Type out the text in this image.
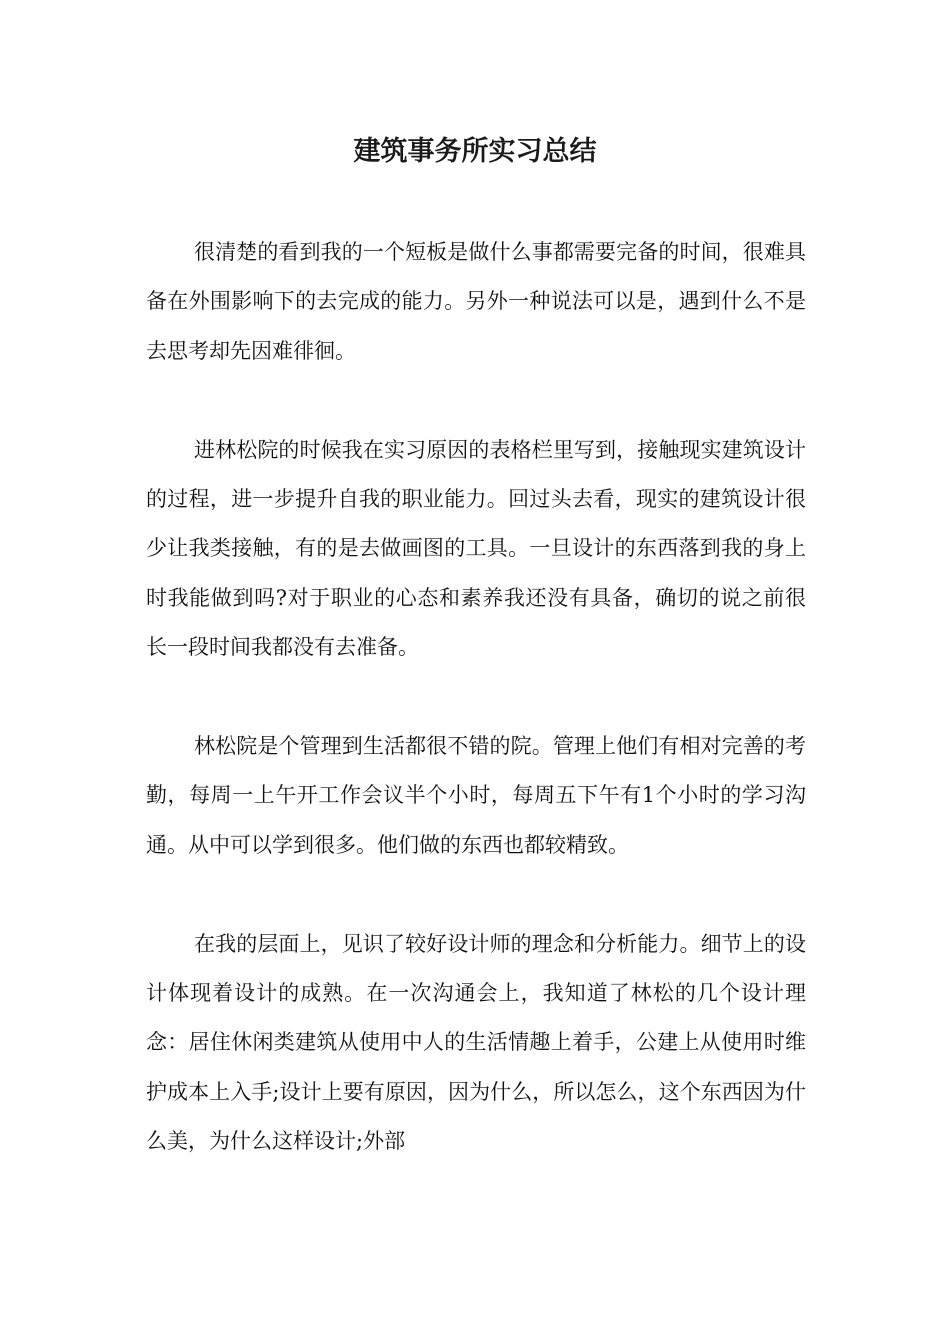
建筑事务所实习总结

很清楚的看到我的一个短板是做什么事都需要完备的时间，很难具备在外围影响下的去完成的能力。另外一种说法可以是，遇到什么不是去思考却先因难徘徊。

进林松院的时候我在实习原因的表格栏里写到，接触现实建筑设计的过程，进一步提升自我的职业能力。回过头去看，现实的建筑设计很少让我类接触，有的是去做画图的工具。一旦设计的东西落到我的身上时我能做到吗?对于职业的心态和素养我还没有具备，确切的说之前很长一段时间我都没有去准备。

林松院是个管理到生活都很不错的院。管理上他们有相对完善的考勤，每周一上午开工作会议半个小时，每周五下午有1个小时的学习沟通。从中可以学到很多。他们做的东西也都较精致。

在我的层面上，见识了较好设计师的理念和分析能力。细节上的设计体现着设计的成熟。在一次沟通会上，我知道了林松的几个设计理念：居住休闲类建筑从使用中人的生活情趣上着手，公建上从使用时维护成本上入手;设计上要有原因，因为什么，所以怎么，这个东西因为什么美，为什么这样设计;外部
